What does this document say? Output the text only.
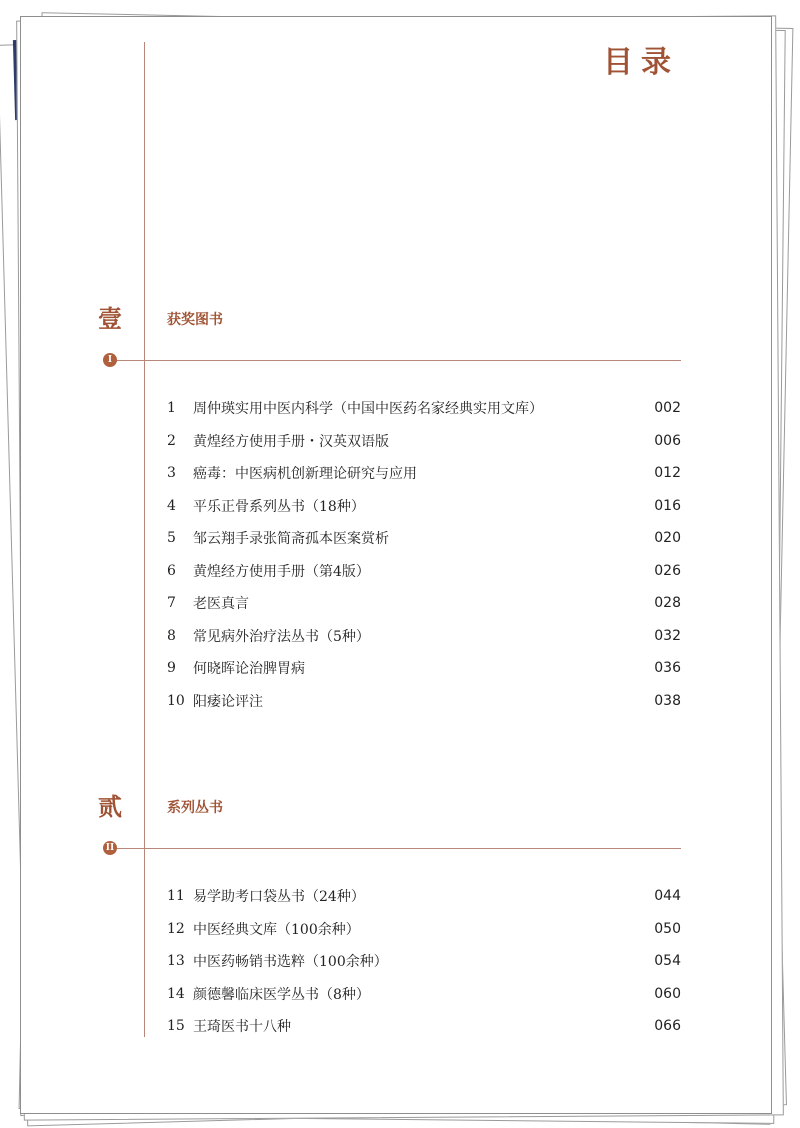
目录
壹	获奖图书
I
1	周仲瑛实用中医内科学（中国中医药名家经典实用文库）	002
2	黄煌经方使用手册・汉英双语版	006
3	癌毒：中医病机创新理论研究与应用	012
4	平乐正骨系列丛书（18种）	016
5	邹云翔手录张简斋孤本医案赏析	020
6	黄煌经方使用手册（第4版）	026
7	老医真言	028
8	常见病外治疗法丛书（5种）	032
9	何晓晖论治脾胃病	036
10 阳痿论评注	038
贰	系列丛书
II
11 易学助考口袋丛书（24种）	044
12 中医经典文库（100余种）	050
13 中医药畅销书选粹（100余种）	054
14 颜德馨临床医学丛书（8种）	060
15 王琦医书十八种	066
